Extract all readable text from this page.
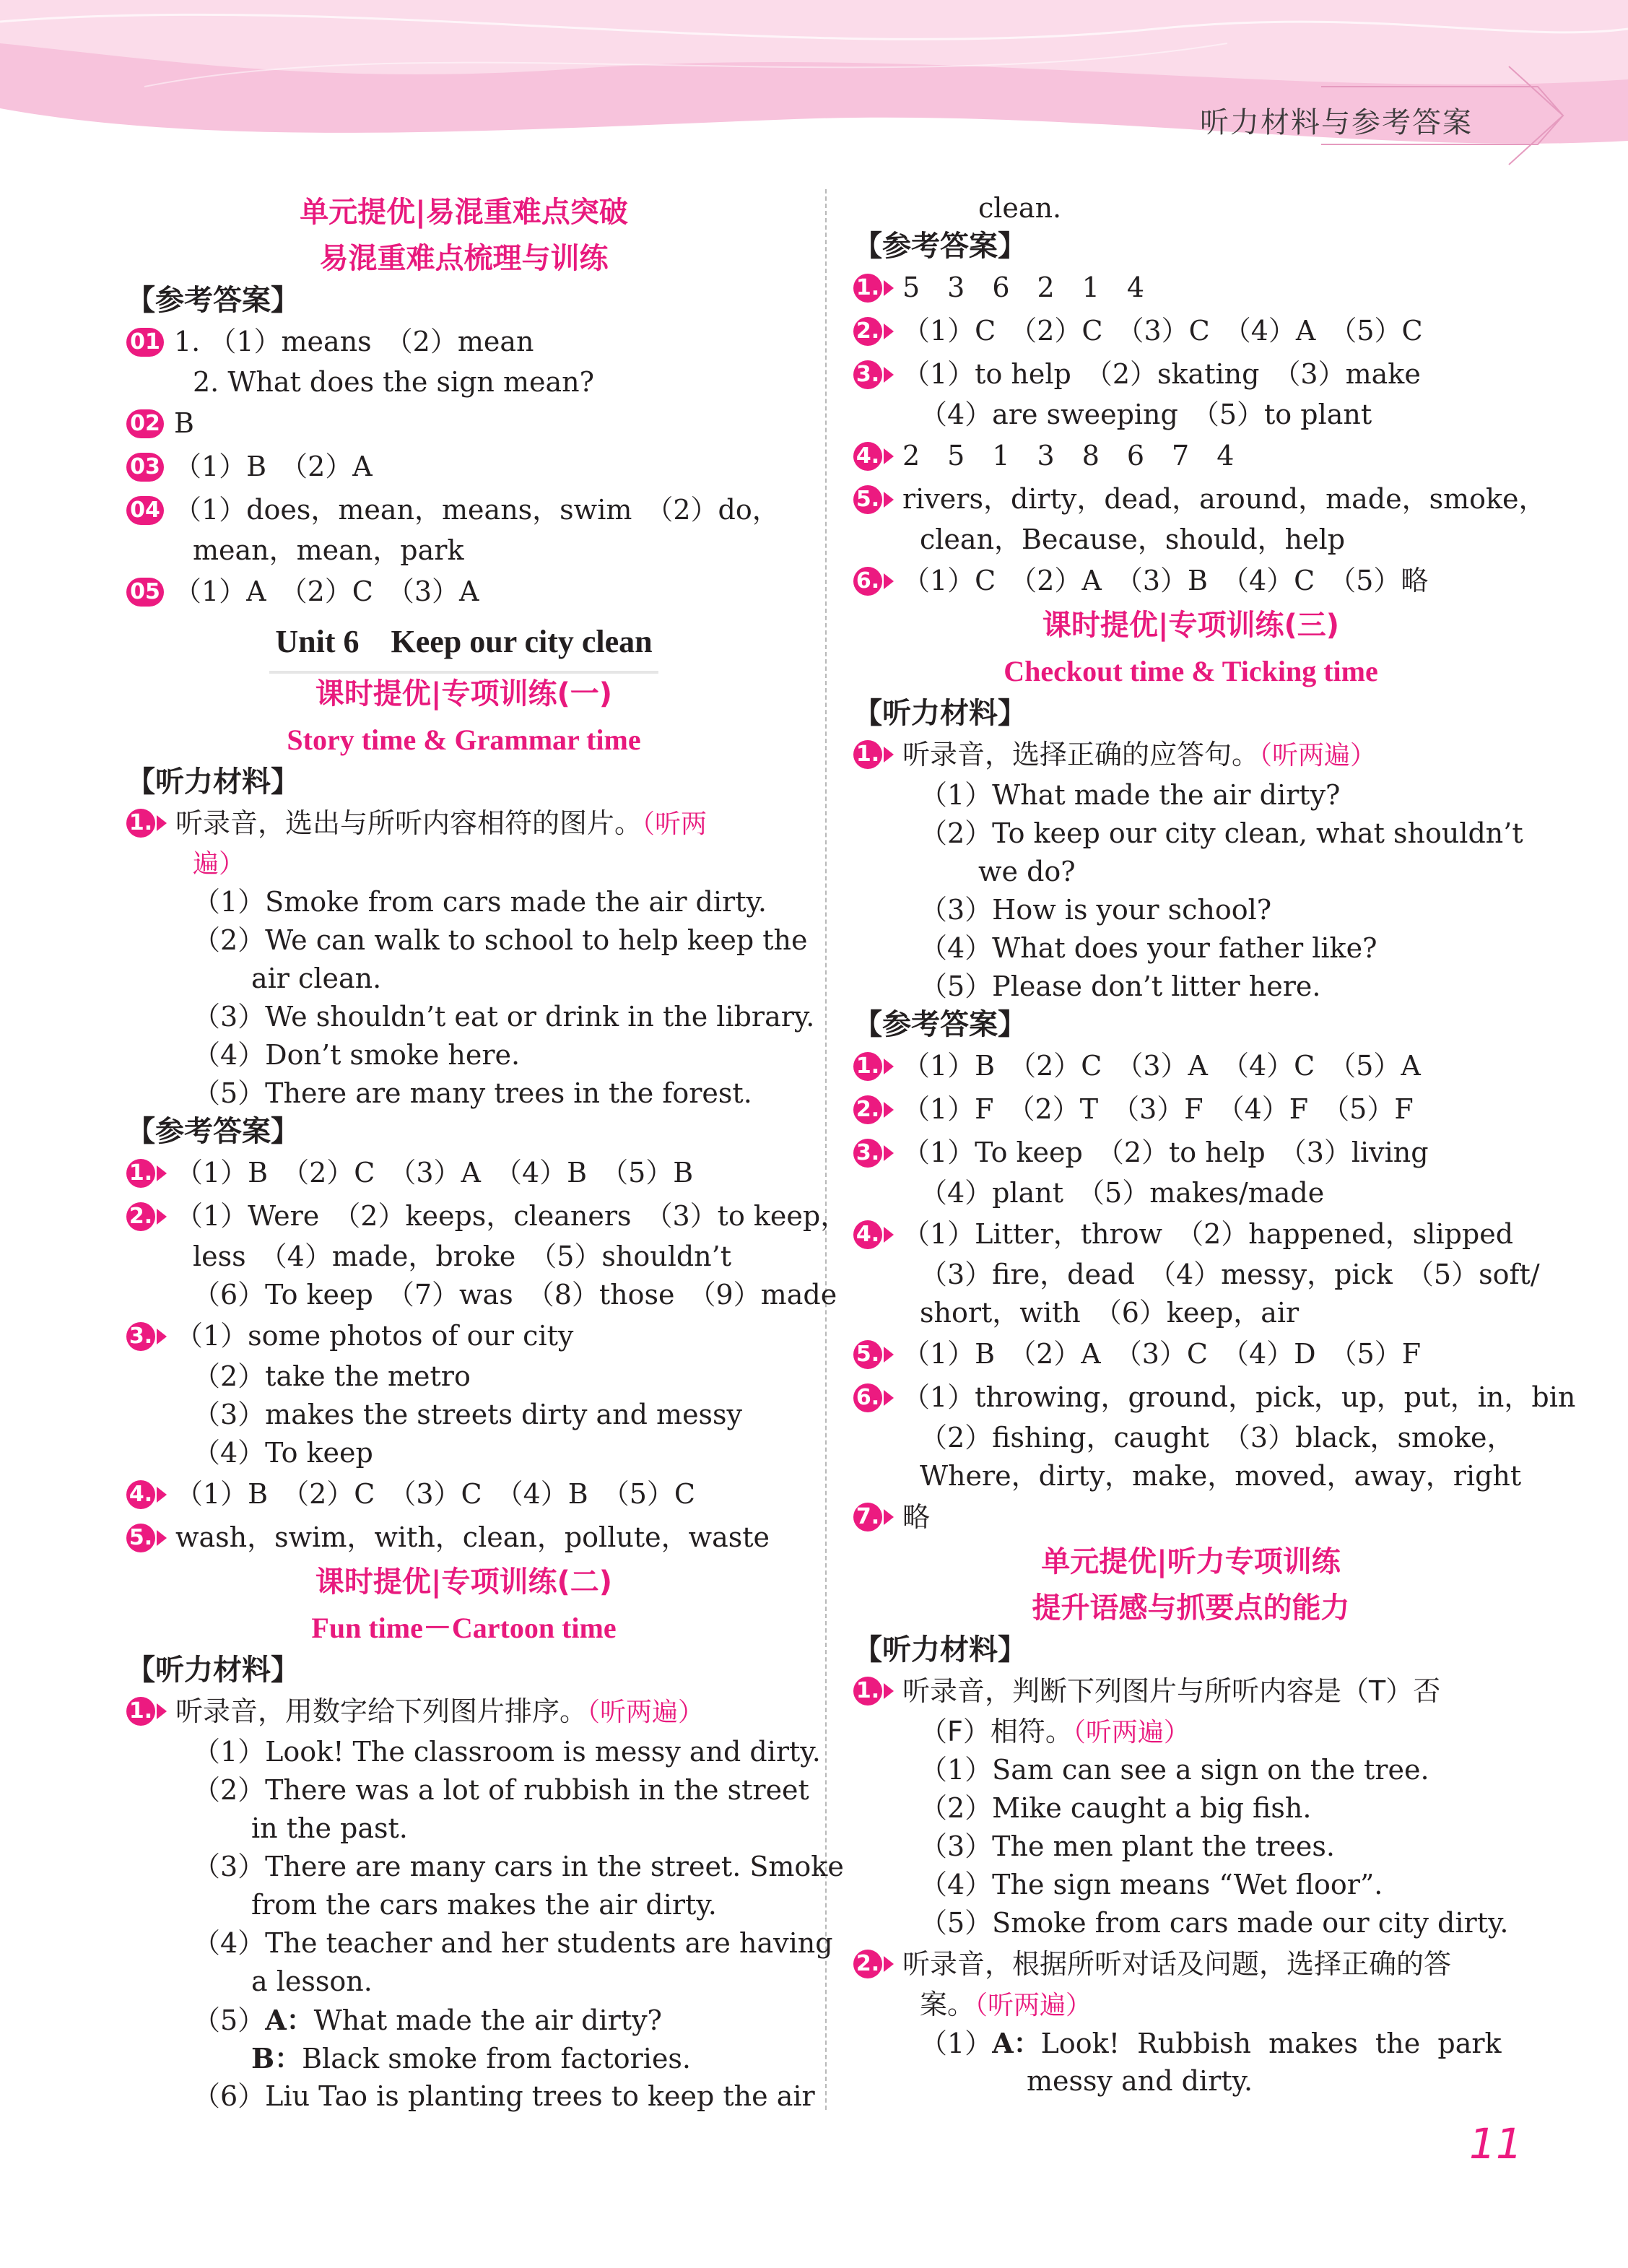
听力材料与参考答案
单元提优|易混重难点突破
易混重难点梳理与训练
【参考答案】
01 1. （1）means　（2）mean
2. What does the sign mean?
02 B
03 （1）B　（2）A
04 （1）does，mean，means，swim　（2）do，
mean，mean，park
05 （1）A　（2）C　（3）A
Unit 6　Keep our city clean
课时提优|专项训练(一)
Story time & Grammar time
【听力材料】
1. 听录音，选出与所听内容相符的图片。（听两
遍）
（1）Smoke from cars made the air dirty.
（2）We can walk to school to help keep the
air clean.
（3）We shouldn’t eat or drink in the library.
（4）Don’t smoke here.
（5）There are many trees in the forest.
【参考答案】
1. （1）B　（2）C　（3）A　（4）B　（5）B
2. （1）Were　（2）keeps，cleaners　（3）to keep，
less　（4）made，broke　（5）shouldn’t
（6）To keep　（7）was　（8）those　（9）made
3. （1）some photos of our city
（2）take the metro
（3）makes the streets dirty and messy
（4）To keep
4. （1）B　（2）C　（3）C　（4）B　（5）C
5. wash，swim，with，clean，pollute，waste
课时提优|专项训练(二)
Fun time－Cartoon time
【听力材料】
1. 听录音，用数字给下列图片排序。（听两遍）
（1）Look! The classroom is messy and dirty.
（2）There was a lot of rubbish in the street
in the past.
（3）There are many cars in the street. Smoke
from the cars makes the air dirty.
（4）The teacher and her students are having
a lesson.
（5）A：What made the air dirty?
B：Black smoke from factories.
（6）Liu Tao is planting trees to keep the air
clean.
【参考答案】
1. 5　3　6　2　1　4
2. （1）C　（2）C　（3）C　（4）A　（5）C
3. （1）to help　（2）skating　（3）make
（4）are sweeping　（5）to plant
4. 2　5　1　3　8　6　7　4
5. rivers，dirty，dead，around，made，smoke，
clean，Because，should，help
6. （1）C　（2）A　（3）B　（4）C　（5）略
课时提优|专项训练(三)
Checkout time & Ticking time
【听力材料】
1. 听录音，选择正确的应答句。（听两遍）
（1）What made the air dirty?
（2）To keep our city clean, what shouldn’t
we do?
（3）How is your school?
（4）What does your father like?
（5）Please don’t litter here.
【参考答案】
1. （1）B　（2）C　（3）A　（4）C　（5）A
2. （1）F　（2）T　（3）F　（4）F　（5）F
3. （1）To keep　（2）to help　（3）living
（4）plant　（5）makes/made
4. （1）Litter，throw　（2）happened，slipped
（3）fire，dead　（4）messy，pick　（5）soft/
short，with　（6）keep，air
5. （1）B　（2）A　（3）C　（4）D　（5）F
6. （1）throwing，ground，pick，up，put，in，bin
（2）fishing，caught　（3）black，smoke，
Where，dirty，make，moved，away，right
7. 略
单元提优|听力专项训练
提升语感与抓要点的能力
【听力材料】
1. 听录音，判断下列图片与所听内容是（T）否
（F）相符。（听两遍）
（1）Sam can see a sign on the tree.
（2）Mike caught a big fish.
（3）The men plant the trees.
（4）The sign means “Wet floor”.
（5）Smoke from cars made our city dirty.
2. 听录音，根据所听对话及问题，选择正确的答
案。（听两遍）
（1）A：Look!  Rubbish  makes  the  park
messy and dirty.
11
